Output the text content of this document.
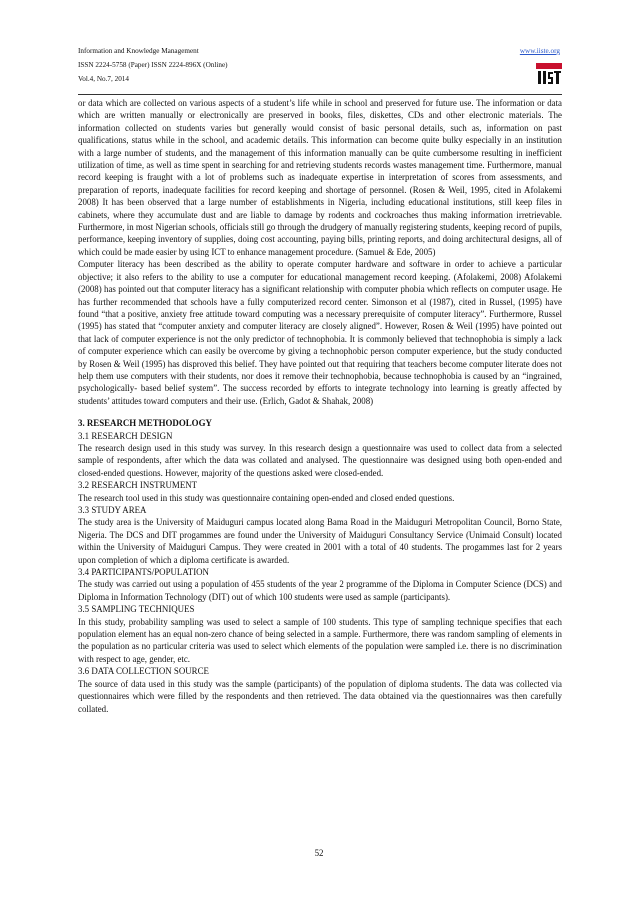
Information and Knowledge Management
ISSN 2224-5758 (Paper) ISSN 2224-896X (Online)
Vol.4, No.7, 2014
www.iiste.org

or data which are collected on various aspects of a student’s life while in school and preserved for future use. The information or data which are written manually or electronically are preserved in books, files, diskettes, CDs and other electronic materials. The information collected on students varies but generally would consist of basic personal details, such as, information on past qualifications, status while in the school, and academic details. This information can become quite bulky especially in an institution with a large number of students, and the management of this information manually can be quite cumbersome resulting in inefficient utilization of time, as well as time spent in searching for and retrieving students records wastes management time. Furthermore, manual record keeping is fraught with a lot of problems such as inadequate expertise in interpretation of scores from assessments, and preparation of reports, inadequate facilities for record keeping and shortage of personnel. (Rosen & Weil, 1995, cited in Afolakemi 2008) It has been observed that a large number of establishments in Nigeria, including educational institutions, still keep files in cabinets, where they accumulate dust and are liable to damage by rodents and cockroaches thus making information irretrievable. Furthermore, in most Nigerian schools, officials still go through the drudgery of manually registering students, keeping record of pupils, performance, keeping inventory of supplies, doing cost accounting, paying bills, printing reports, and doing architectural designs, all of which could be made easier by using ICT to enhance management procedure. (Samuel & Ede, 2005)

Computer literacy has been described as the ability to operate computer hardware and software in order to achieve a particular objective; it also refers to the ability to use a computer for educational management record keeping. (Afolakemi, 2008) Afolakemi (2008) has pointed out that computer literacy has a significant relationship with computer phobia which reflects on computer usage. He has further recommended that schools have a fully computerized record center. Simonson et al (1987), cited in Russel, (1995) have found “that a positive, anxiety free attitude toward computing was a necessary prerequisite of computer literacy”. Furthermore, Russel (1995) has stated that “computer anxiety and computer literacy are closely aligned”. However, Rosen & Weil (1995) have pointed out that lack of computer experience is not the only predictor of technophobia. It is commonly believed that technophobia is simply a lack of computer experience which can easily be overcome by giving a technophobic person computer experience, but the study conducted by Rosen & Weil (1995) has disproved this belief. They have pointed out that requiring that teachers become computer literate does not help them use computers with their students, nor does it remove their technophobia, because technophobia is caused by an “ingrained, psychologically- based belief system”. The success recorded by efforts to integrate technology into learning is greatly affected by students’ attitudes toward computers and their use. (Erlich, Gadot & Shahak, 2008)

3. RESEARCH METHODOLOGY

3.1 RESEARCH DESIGN

The research design used in this study was survey. In this research design a questionnaire was used to collect data from a selected sample of respondents, after which the data was collated and analysed. The questionnaire was designed using both open-ended and closed-ended questions. However, majority of the questions asked were closed-ended.

3.2 RESEARCH INSTRUMENT

The research tool used in this study was questionnaire containing open-ended and closed ended questions.

3.3 STUDY AREA

The study area is the University of Maiduguri campus located along Bama Road in the Maiduguri Metropolitan Council, Borno State, Nigeria. The DCS and DIT progammes are found under the University of Maiduguri Consultancy Service (Unimaid Consult) located within the University of Maiduguri Campus. They were created in 2001 with a total of 40 students. The progammes last for 2 years upon completion of which a diploma certificate is awarded.

3.4 PARTICIPANTS/POPULATION

The study was carried out using a population of 455 students of the year 2 programme of the Diploma in Computer Science (DCS) and Diploma in Information Technology (DIT) out of which 100 students were used as sample (participants).

3.5 SAMPLING TECHNIQUES

In this study, probability sampling was used to select a sample of 100 students. This type of sampling technique specifies that each population element has an equal non-zero chance of being selected in a sample. Furthermore, there was random sampling of elements in the population as no particular criteria was used to select which elements of the population were sampled i.e. there is no discrimination with respect to age, gender, etc.

3.6 DATA COLLECTION SOURCE

The source of data used in this study was the sample (participants) of the population of diploma students. The data was collected via questionnaires which were filled by the respondents and then retrieved. The data obtained via the questionnaires was then carefully collated.

52
